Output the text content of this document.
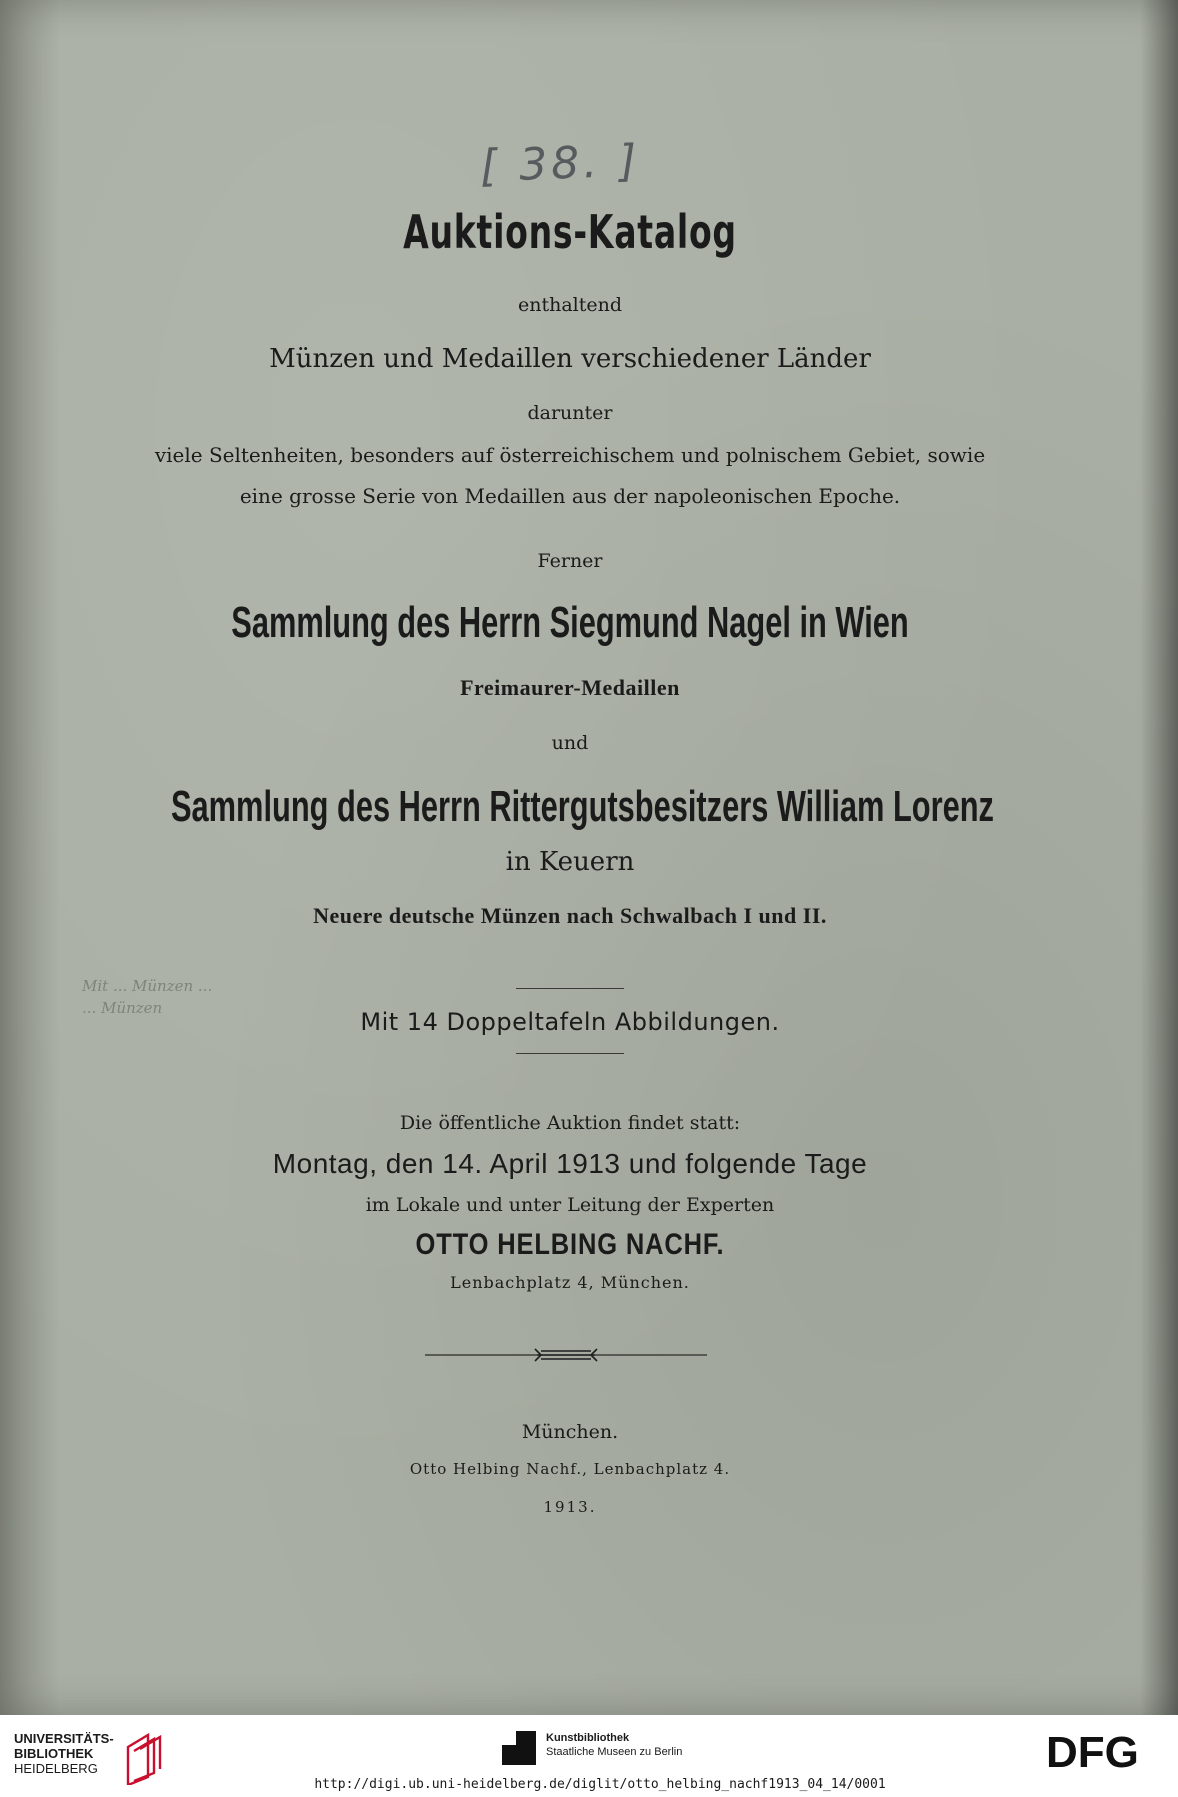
[ 38. ]
Auktions-Katalog
enthaltend
Münzen und Medaillen verschiedener Länder
darunter
viele Seltenheiten, besonders auf österreichischem und polnischem Gebiet, sowie
eine grosse Serie von Medaillen aus der napoleonischen Epoche.
Ferner
Sammlung des Herrn Siegmund Nagel in Wien
Freimaurer-Medaillen
und
Sammlung des Herrn Rittergutsbesitzers William Lorenz
in Keuern
Neuere deutsche Münzen nach Schwalbach I und II.
Mit ... Münzen ...
... Münzen	Mit 14 Doppeltafeln Abbildungen.
Die öffentliche Auktion findet statt:
Montag, den 14. April 1913 und folgende Tage
im Lokale und unter Leitung der Experten
OTTO HELBING NACHF.
Lenbachplatz 4, München.
München.
Otto Helbing Nachf., Lenbachplatz 4.
1913.
UNIVERSITÄTS-
BIBLIOTHEK
HEIDELBERG
Kunstbibliothek
Staatliche Museen zu Berlin	DFG
http://digi.ub.uni-heidelberg.de/diglit/otto_helbing_nachf1913_04_14/0001
